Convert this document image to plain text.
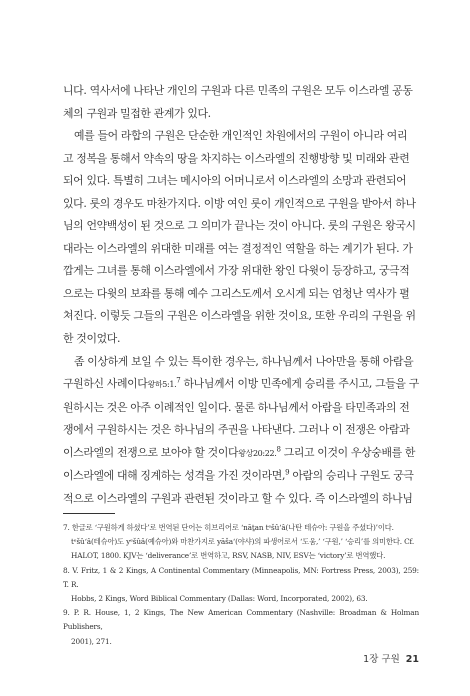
니다. 역사서에 나타난 개인의 구원과 다른 민족의 구원은 모두 이스라엘 공동
체의 구원과 밀접한 관계가 있다.

예를 들어 라합의 구원은 단순한 개인적인 차원에서의 구원이 아니라 여리
고 정복을 통해서 약속의 땅을 차지하는 이스라엘의 진행방향 및 미래와 관련
되어 있다. 특별히 그녀는 메시아의 어머니로서 이스라엘의 소망과 관련되어
있다. 룻의 경우도 마찬가지다. 이방 여인 룻이 개인적으로 구원을 받아서 하나
님의 언약백성이 된 것으로 그 의미가 끝나는 것이 아니다. 룻의 구원은 왕국시
대라는 이스라엘의 위대한 미래를 여는 결정적인 역할을 하는 계기가 된다. 가
깝게는 그녀를 통해 이스라엘에서 가장 위대한 왕인 다윗이 등장하고, 궁극적
으로는 다윗의 보좌를 통해 예수 그리스도께서 오시게 되는 엄청난 역사가 펼
쳐진다. 이렇듯 그들의 구원은 이스라엘을 위한 것이요, 또한 우리의 구원을 위
한 것이었다.

좀 이상하게 보일 수 있는 특이한 경우는, 하나님께서 나아만을 통해 아람을
구원하신 사례이다왕하5:1.$^7$ 하나님께서 이방 민족에게 승리를 주시고, 그들을 구
원하시는 것은 아주 이례적인 일이다. 물론 하나님께서 아람을 타민족과의 전
쟁에서 구원하시는 것은 하나님의 주권을 나타낸다. 그러나 이 전쟁은 아람과
이스라엘의 전쟁으로 보아야 할 것이다왕상20:22.$^8$ 그리고 이것이 우상숭배를 한
이스라엘에 대해 징계하는 성격을 가진 것이라면,$^9$ 아람의 승리나 구원도 궁극
적으로 이스라엘의 구원과 관련된 것이라고 할 수 있다. 즉 이스라엘의 하나님

7. 한글로 ‘구원하게 하셨다’로 번역된 단어는 히브리어로 ‘nāṯan tᵉšû‘â(나탄 테슈아: 구원을 주셨다)’이다.
tᵉšû‘â(테슈아)도 yᵉšûâ(예슈아)와 마찬가지로 yāša‘(야샤)의 파생어로서 ‘도움,’ ‘구원,’ ‘승리’를 의미한다. Cf.
HALOT, 1800. KJV는 ‘deliverance’로 번역하고, RSV, NASB, NIV, ESV는 ‘victory’로 번역했다.

8. V. Fritz, 1 & 2 Kings, A Continental Commentary (Minneapolis, MN: Fortress Press, 2003), 259: T. R.
Hobbs, 2 Kings, Word Biblical Commentary (Dallas: Word, Incorporated, 2002), 63.

9. P. R. House, 1, 2 Kings, The New American Commentary (Nashville: Broadman & Holman Publishers,
2001), 271.

1장 구원 21
